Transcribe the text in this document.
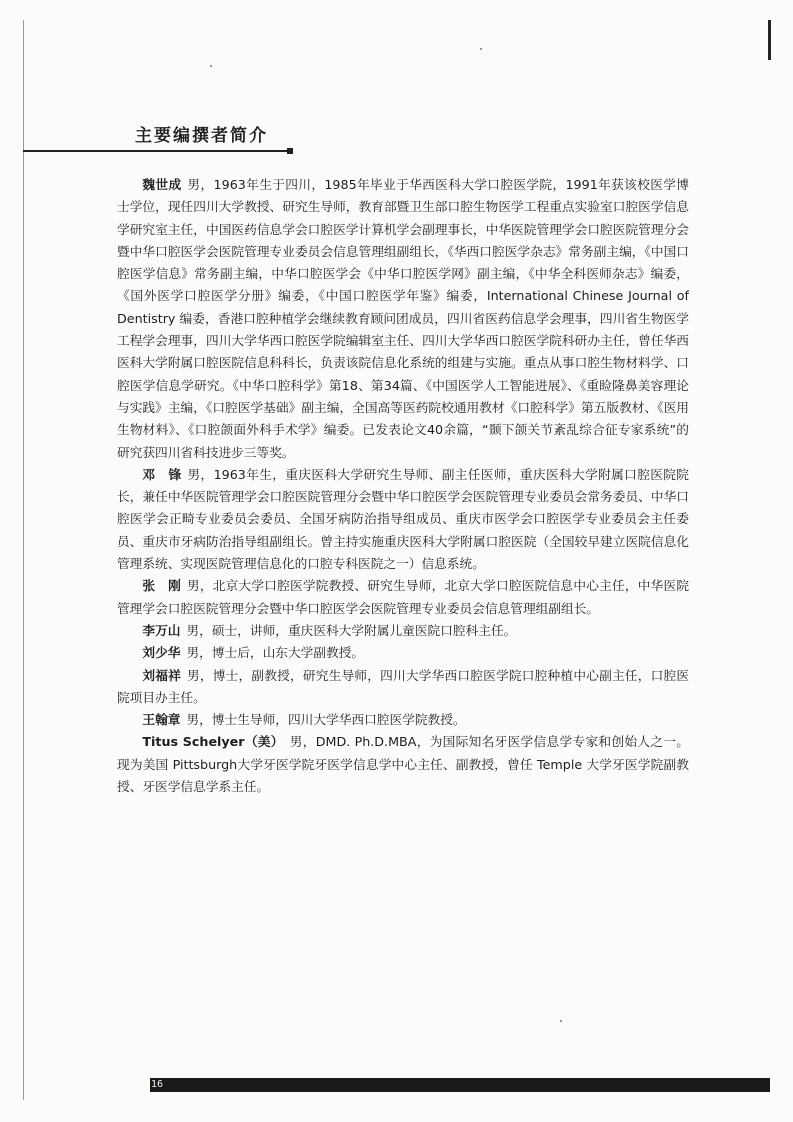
主要编撰者简介

魏世成 男，1963年生于四川，1985年毕业于华西医科大学口腔医学院，1991年获该校医学博士学位，现任四川大学教授、研究生导师，教育部暨卫生部口腔生物医学工程重点实验室口腔医学信息学研究室主任，中国医药信息学会口腔医学计算机学会副理事长，中华医院管理学会口腔医院管理分会暨中华口腔医学会医院管理专业委员会信息管理组副组长，《华西口腔医学杂志》常务副主编，《中国口腔医学信息》常务副主编，中华口腔医学会《中华口腔医学网》副主编，《中华全科医师杂志》编委，《国外医学口腔医学分册》编委，《中国口腔医学年鉴》编委，International Chinese Journal of Dentistry 编委，香港口腔种植学会继续教育顾问团成员，四川省医药信息学会理事，四川省生物医学工程学会理事，四川大学华西口腔医学院编辑室主任、四川大学华西口腔医学院科研办主任，曾任华西医科大学附属口腔医院信息科科长，负责该院信息化系统的组建与实施。重点从事口腔生物材料学、口腔医学信息学研究。《中华口腔科学》第18、第34篇、《中国医学人工智能进展》、《重睑隆鼻美容理论与实践》主编，《口腔医学基础》副主编，全国高等医药院校通用教材《口腔科学》第五版教材、《医用生物材料》、《口腔颌面外科手术学》编委。已发表论文40余篇，“颞下颌关节紊乱综合征专家系统”的研究获四川省科技进步三等奖。

邓　锋 男，1963年生，重庆医科大学研究生导师、副主任医师，重庆医科大学附属口腔医院院长，兼任中华医院管理学会口腔医院管理分会暨中华口腔医学会医院管理专业委员会常务委员、中华口腔医学会正畸专业委员会委员、全国牙病防治指导组成员、重庆市医学会口腔医学专业委员会主任委员、重庆市牙病防治指导组副组长。曾主持实施重庆医科大学附属口腔医院（全国较早建立医院信息化管理系统、实现医院管理信息化的口腔专科医院之一）信息系统。

张　刚 男，北京大学口腔医学院教授、研究生导师，北京大学口腔医院信息中心主任，中华医院管理学会口腔医院管理分会暨中华口腔医学会医院管理专业委员会信息管理组副组长。

李万山 男，硕士，讲师，重庆医科大学附属儿童医院口腔科主任。

刘少华 男，博士后，山东大学副教授。

刘福祥 男，博士，副教授，研究生导师，四川大学华西口腔医学院口腔种植中心副主任，口腔医院项目办主任。

王翰章 男，博士生导师，四川大学华西口腔医学院教授。

Titus Schelyer（美） 男，DMD. Ph.D.MBA，为国际知名牙医学信息学专家和创始人之一。现为美国 Pittsburgh大学牙医学院牙医学信息学中心主任、副教授，曾任 Temple 大学牙医学院副教授、牙医学信息学系主任。

16
